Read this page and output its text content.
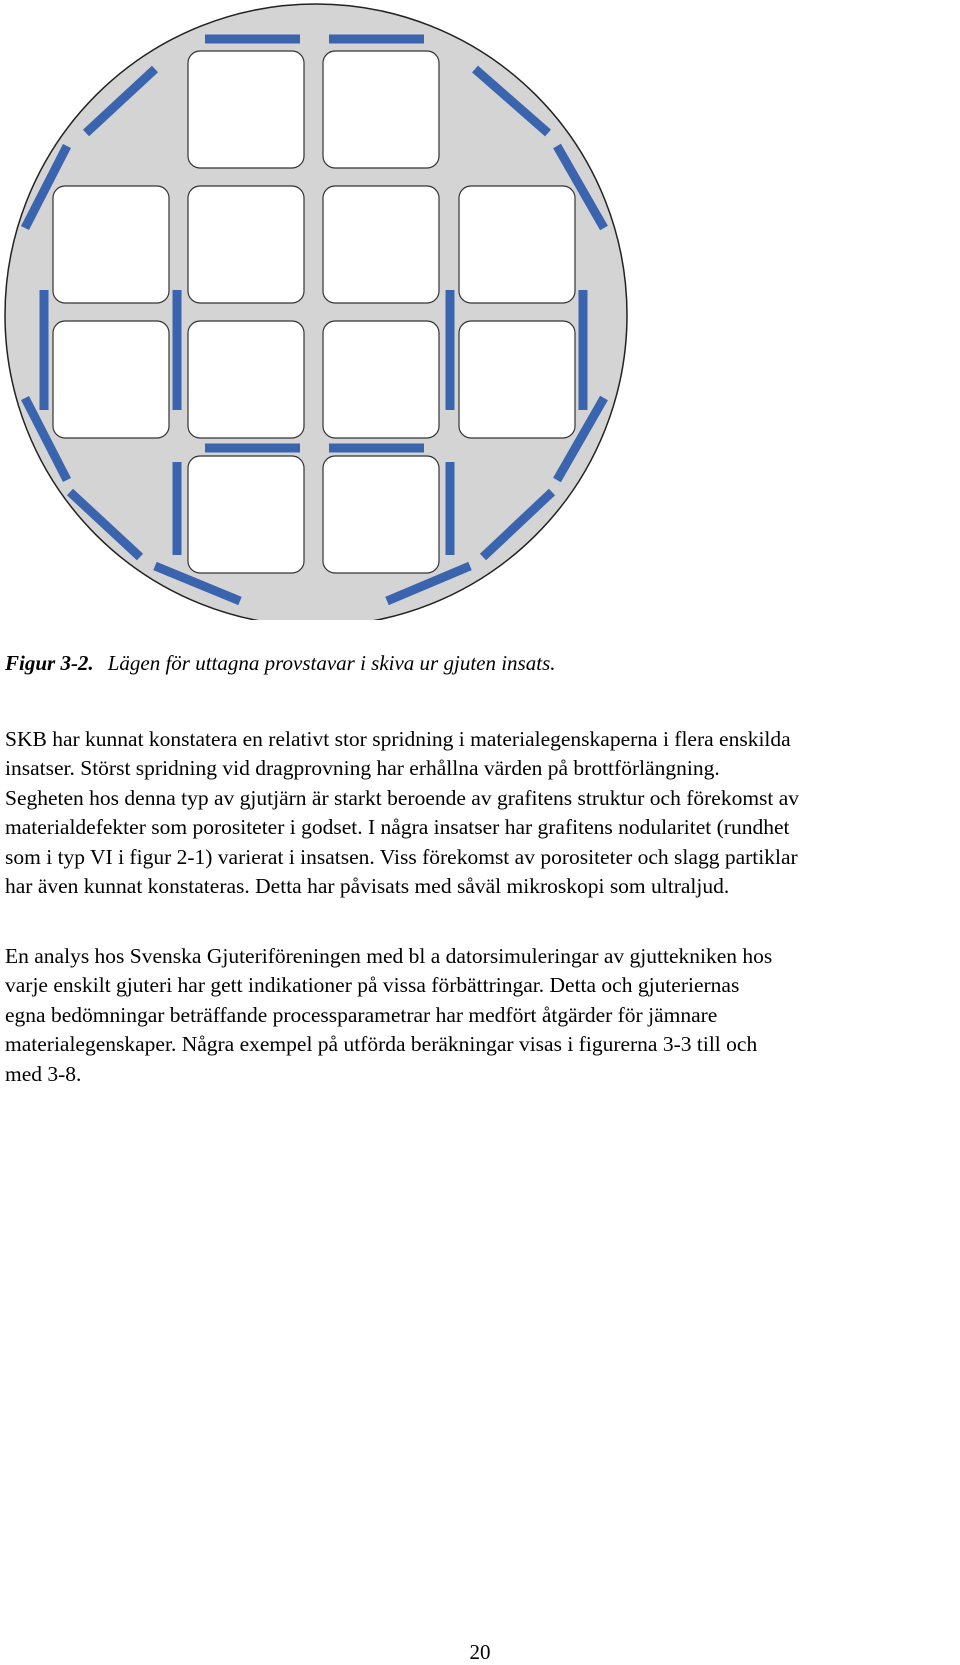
Figur 3-2. Lägen för uttagna provstavar i skiva ur gjuten insats.

SKB har kunnat konstatera en relativt stor spridning i materialegenskaperna i flera enskilda
insatser. Störst spridning vid dragprovning har erhållna värden på brottförlängning.
Segheten hos denna typ av gjutjärn är starkt beroende av grafitens struktur och förekomst av
materialdefekter som porositeter i godset. I några insatser har grafitens nodularitet (rundhet
som i typ VI i figur 2-1) varierat i insatsen. Viss förekomst av porositeter och slagg partiklar
har även kunnat konstateras. Detta har påvisats med såväl mikroskopi som ultraljud.

En analys hos Svenska Gjuteriföreningen med bl a datorsimuleringar av gjuttekniken hos
varje enskilt gjuteri har gett indikationer på vissa förbättringar. Detta och gjuteriernas
egna bedömningar beträffande processparametrar har medfört åtgärder för jämnare
materialegenskaper. Några exempel på utförda beräkningar visas i figurerna 3-3 till och
med 3-8.

20
